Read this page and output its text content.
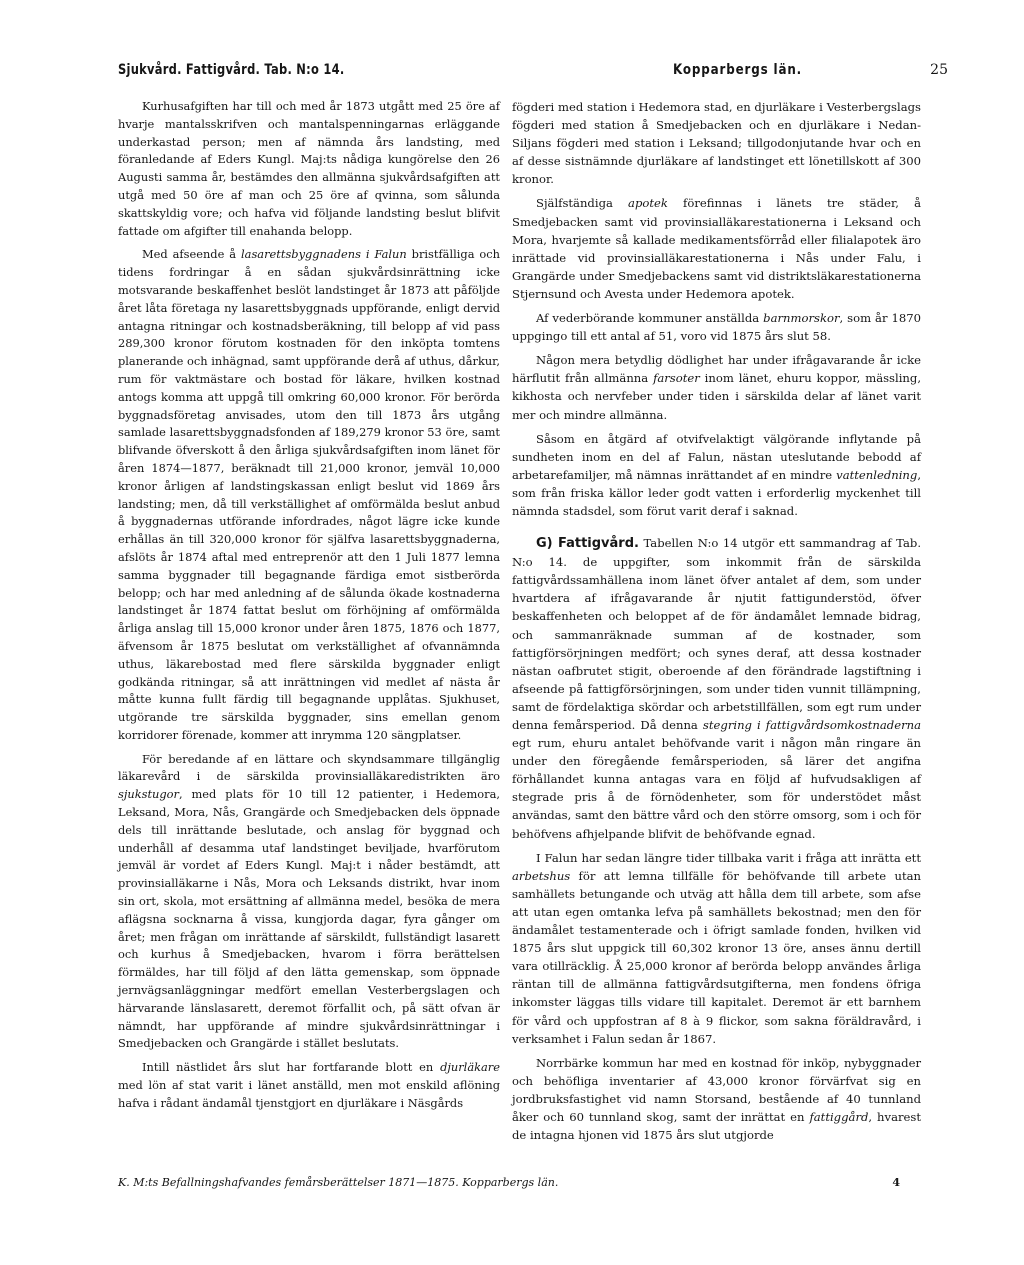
Sjukvård. Fattigvård. Tab. N:o 14.	Kopparbergs län.	25

Kurhusafgiften har till och med år 1873 utgått med 25 öre af hvarje mantalsskrifven och mantalspenningarnas erläggande underkastad person; men af nämnda års landsting, med föranledande af Eders Kungl. Maj:ts nådiga kungörelse den 26 Augusti samma år, bestämdes den allmänna sjukvårdsafgiften att utgå med 50 öre af man och 25 öre af qvinna, som sålunda skattskyldig vore; och hafva vid följande landsting beslut blifvit fattade om afgifter till enahanda belopp.

Med afseende å lasarettsbyggnadens i Falun bristfälliga och tidens fordringar å en sådan sjukvårdsinrättning icke motsvarande beskaffenhet beslöt landstinget år 1873 att påföljde året låta företaga ny lasarettsbyggnads uppförande, enligt dervid antagna ritningar och kostnadsberäkning, till belopp af vid pass 289,300 kronor förutom kostnaden för den inköpta tomtens planerande och inhägnad, samt uppförande derå af uthus, dårkur, rum för vaktmästare och bostad för läkare, hvilken kostnad antogs komma att uppgå till omkring 60,000 kronor. För berörda byggnadsföretag anvisades, utom den till 1873 års utgång samlade lasarettsbyggnadsfonden af 189,279 kronor 53 öre, samt blifvande öfverskott å den årliga sjukvårdsafgiften inom länet för åren 1874—1877, beräknadt till 21,000 kronor, jemväl 10,000 kronor årligen af landstingskassan enligt beslut vid 1869 års landsting; men, då till verkställighet af omförmälda beslut anbud å byggnadernas utförande infordrades, något lägre icke kunde erhållas än till 320,000 kronor för själfva lasarettsbyggnaderna, afslöts år 1874 aftal med entreprenör att den 1 Juli 1877 lemna samma byggnader till begagnande färdiga emot sistberörda belopp; och har med anledning af de sålunda ökade kostnaderna landstinget år 1874 fattat beslut om förhöjning af omförmälda årliga anslag till 15,000 kronor under åren 1875, 1876 och 1877, äfvensom år 1875 beslutat om verkställighet af ofvannämnda uthus, läkarebostad med flere särskilda byggnader enligt godkända ritningar, så att inrättningen vid medlet af nästa år måtte kunna fullt färdig till begagnande upplåtas. Sjukhuset, utgörande tre särskilda byggnader, sins emellan genom korridorer förenade, kommer att inrymma 120 sängplatser.

För beredande af en lättare och skyndsammare tillgänglig läkarevård i de särskilda provinsialläkaredistrikten äro sjukstugor, med plats för 10 till 12 patienter, i Hedemora, Leksand, Mora, Nås, Grangärde och Smedjebacken dels öppnade dels till inrättande beslutade, och anslag för byggnad och underhåll af desamma utaf landstinget beviljade, hvarförutom jemväl är vordet af Eders Kungl. Maj:t i nåder bestämdt, att provinsialläkarne i Nås, Mora och Leksands distrikt, hvar inom sin ort, skola, mot ersättning af allmänna medel, besöka de mera aflägsna socknarna å vissa, kungjorda dagar, fyra gånger om året; men frågan om inrättande af särskildt, fullständigt lasarett och kurhus å Smedjebacken, hvarom i förra berättelsen förmäldes, har till följd af den lätta gemenskap, som öppnade jernvägsanläggningar medfört emellan Vesterbergslagen och härvarande länslasarett, deremot förfallit och, på sätt ofvan är nämndt, har uppförande af mindre sjukvårdsinrättningar i Smedjebacken och Grangärde i stället beslutats.

Intill nästlidet års slut har fortfarande blott en djurläkare med lön af stat varit i länet anställd, men mot enskild aflöning hafva i rådant ändamål tjenstgjort en djurläkare i Näsgårds

fögderi med station i Hedemora stad, en djurläkare i Vesterbergslags fögderi med station å Smedjebacken och en djurläkare i Nedan-Siljans fögderi med station i Leksand; tillgodonjutande hvar och en af desse sistnämnde djurläkare af landstinget ett lönetillskott af 300 kronor.

Själfständiga apotek förefinnas i länets tre städer, å Smedjebacken samt vid provinsialläkarestationerna i Leksand och Mora, hvarjemte så kallade medikamentsförråd eller filialapotek äro inrättade vid provinsialläkarestationerna i Nås under Falu, i Grangärde under Smedjebackens samt vid distriktsläkarestationerna Stjernsund och Avesta under Hedemora apotek.

Af vederbörande kommuner anställda barnmorskor, som år 1870 uppgingo till ett antal af 51, voro vid 1875 års slut 58.

Någon mera betydlig dödlighet har under ifrågavarande år icke härflutit från allmänna farsoter inom länet, ehuru koppor, mässling, kikhosta och nervfeber under tiden i särskilda delar af länet varit mer och mindre allmänna.

Såsom en åtgärd af otvifvelaktigt välgörande inflytande på sundheten inom en del af Falun, nästan uteslutande bebodd af arbetarefamiljer, må nämnas inrättandet af en mindre vattenledning, som från friska källor leder godt vatten i erforderlig myckenhet till nämnda stadsdel, som förut varit deraf i saknad.

G) Fattigvård. Tabellen N:o 14 utgör ett sammandrag af Tab. N:o 14. de uppgifter, som inkommit från de särskilda fattigvårdssamhällena inom länet öfver antalet af dem, som under hvartdera af ifrågavarande år njutit fattigunderstöd, öfver beskaffenheten och beloppet af de för ändamålet lemnade bidrag, och sammanräknade summan af de kostnader, som fattigförsörjningen medfört; och synes deraf, att dessa kostnader nästan oafbrutet stigit, oberoende af den förändrade lagstiftning i afseende på fattigförsörjningen, som under tiden vunnit tillämpning, samt de fördelaktiga skördar och arbetstillfällen, som egt rum under denna femårsperiod. Då denna stegring i fattigvårdsomkostnaderna egt rum, ehuru antalet behöfvande varit i någon mån ringare än under den föregående femårsperioden, så lärer det angifna förhållandet kunna antagas vara en följd af hufvudsakligen af stegrade pris å de förnödenheter, som för understödet måst användas, samt den bättre vård och den större omsorg, som i och för behöfvens afhjelpande blifvit de behöfvande egnad.

I Falun har sedan längre tider tillbaka varit i fråga att inrätta ett arbetshus för att lemna tillfälle för behöfvande till arbete utan samhällets betungande och utväg att hålla dem till arbete, som afse att utan egen omtanka lefva på samhällets bekostnad; men den för ändamålet testamenterade och i öfrigt samlade fonden, hvilken vid 1875 års slut uppgick till 60,302 kronor 13 öre, anses ännu dertill vara otillräcklig. Å 25,000 kronor af berörda belopp användes årliga räntan till de allmänna fattigvårdsutgifterna, men fondens öfriga inkomster läggas tills vidare till kapitalet. Deremot är ett barnhem för vård och uppfostran af 8 à 9 flickor, som sakna föräldravård, i verksamhet i Falun sedan år 1867.

Norrbärke kommun har med en kostnad för inköp, nybyggnader och behöfliga inventarier af 43,000 kronor förvärfvat sig en jordbruksfastighet vid namn Storsand, bestående af 40 tunnland åker och 60 tunnland skog, samt der inrättat en fattiggård, hvarest de intagna hjonen vid 1875 års slut utgjorde

K. M:ts Befallningshafvandes femårsberättelser 1871—1875. Kopparbergs län.	4
